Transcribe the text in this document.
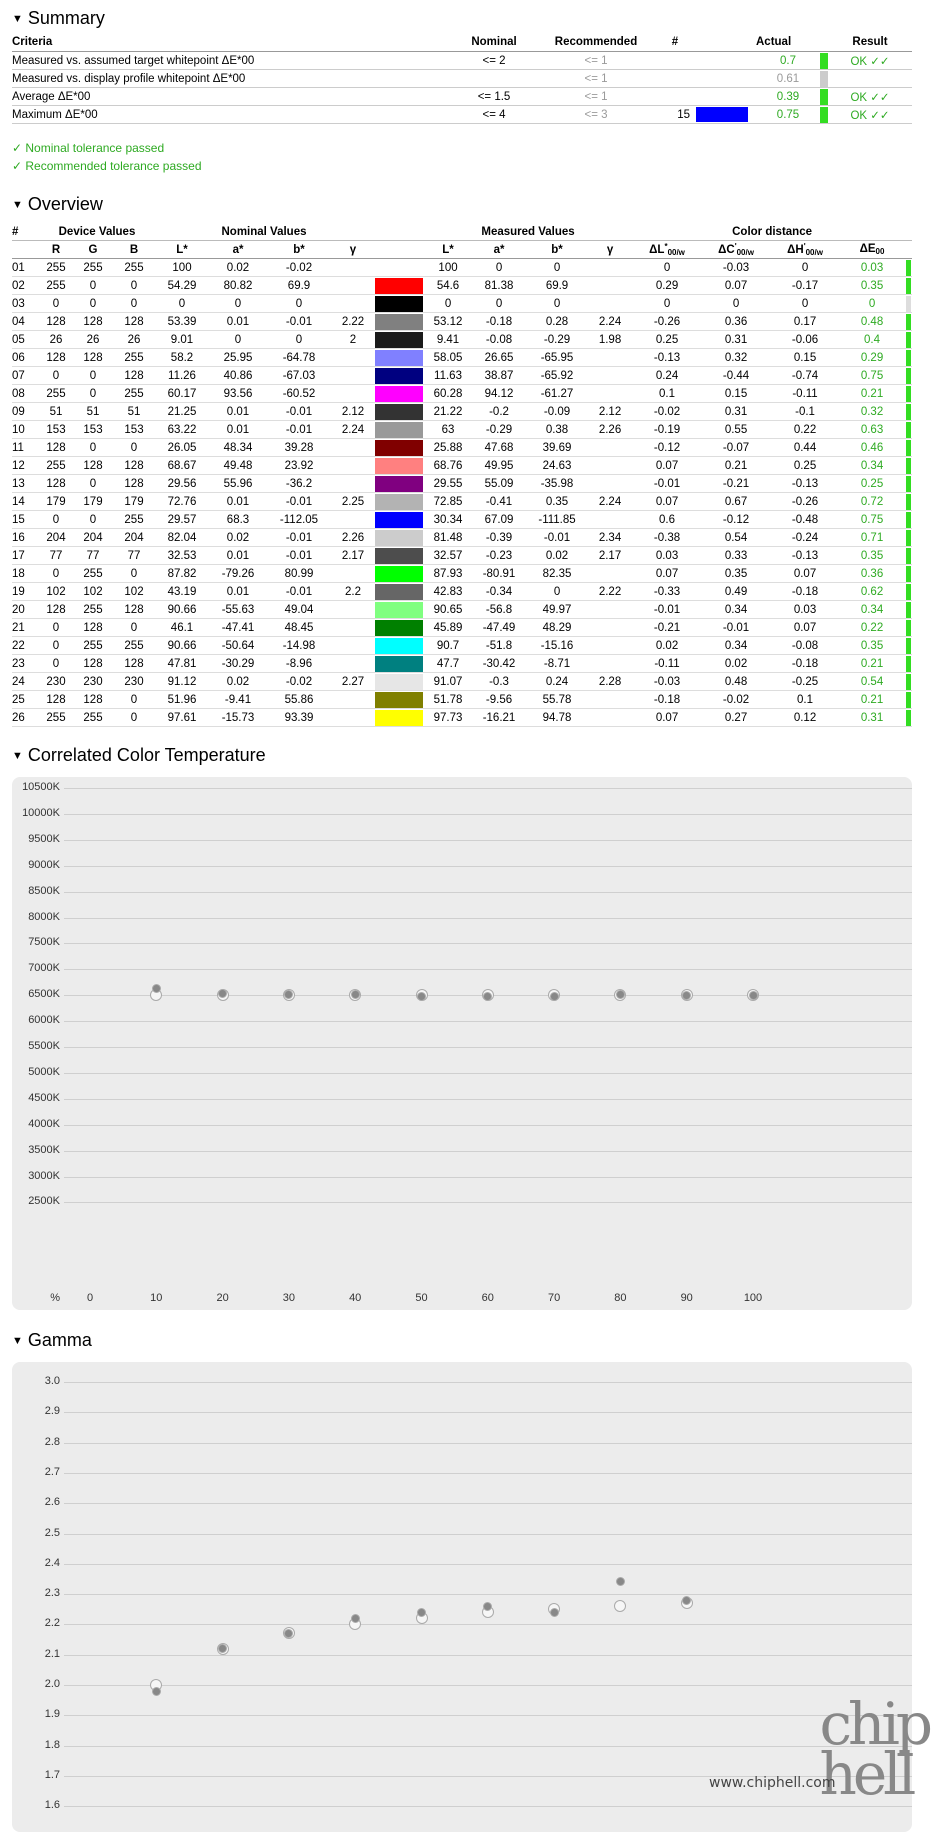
▼ Summary
Criteria	Nominal	Recommended	#			Actual		Result
Measured vs. assumed target whitepoint ΔE*00	<= 2	<= 1				0.7		OK ✓✓
Measured vs. display profile whitepoint ΔE*00		<= 1				0.61		
Average ΔE*00	<= 1.5	<= 1				0.39		OK ✓✓
Maximum ΔE*00	<= 4	<= 3	15			0.75		OK ✓✓
✓ Nominal tolerance passed
✓ Recommended tolerance passed
▼ Overview
#	Device Values			Nominal Values					Measured Values				Color distance				
	R	G	B	L*	a*	b*	γ		L*	a*	b*	γ	$\Delta L^*_{00/w}$	$\Delta C'_{00/w}$	$\Delta H'_{00/w}$	$\Delta E_{00}$	
01	255	255	255	100	0.02	-0.02			100	0	0		0	-0.03	0	0.03	
02	255	0	0	54.29	80.82	69.9			54.6	81.38	69.9		0.29	0.07	-0.17	0.35	
03	0	0	0	0	0	0			0	0	0		0	0	0	0	
04	128	128	128	53.39	0.01	-0.01	2.22		53.12	-0.18	0.28	2.24	-0.26	0.36	0.17	0.48	
05	26	26	26	9.01	0	0	2		9.41	-0.08	-0.29	1.98	0.25	0.31	-0.06	0.4	
06	128	128	255	58.2	25.95	-64.78			58.05	26.65	-65.95		-0.13	0.32	0.15	0.29	
07	0	0	128	11.26	40.86	-67.03			11.63	38.87	-65.92		0.24	-0.44	-0.74	0.75	
08	255	0	255	60.17	93.56	-60.52			60.28	94.12	-61.27		0.1	0.15	-0.11	0.21	
09	51	51	51	21.25	0.01	-0.01	2.12		21.22	-0.2	-0.09	2.12	-0.02	0.31	-0.1	0.32	
10	153	153	153	63.22	0.01	-0.01	2.24		63	-0.29	0.38	2.26	-0.19	0.55	0.22	0.63	
11	128	0	0	26.05	48.34	39.28			25.88	47.68	39.69		-0.12	-0.07	0.44	0.46	
12	255	128	128	68.67	49.48	23.92			68.76	49.95	24.63		0.07	0.21	0.25	0.34	
13	128	0	128	29.56	55.96	-36.2			29.55	55.09	-35.98		-0.01	-0.21	-0.13	0.25	
14	179	179	179	72.76	0.01	-0.01	2.25		72.85	-0.41	0.35	2.24	0.07	0.67	-0.26	0.72	
15	0	0	255	29.57	68.3	-112.05			30.34	67.09	-111.85		0.6	-0.12	-0.48	0.75	
16	204	204	204	82.04	0.02	-0.01	2.26		81.48	-0.39	-0.01	2.34	-0.38	0.54	-0.24	0.71	
17	77	77	77	32.53	0.01	-0.01	2.17		32.57	-0.23	0.02	2.17	0.03	0.33	-0.13	0.35	
18	0	255	0	87.82	-79.26	80.99			87.93	-80.91	82.35		0.07	0.35	0.07	0.36	
19	102	102	102	43.19	0.01	-0.01	2.2		42.83	-0.34	0	2.22	-0.33	0.49	-0.18	0.62	
20	128	255	128	90.66	-55.63	49.04			90.65	-56.8	49.97		-0.01	0.34	0.03	0.34	
21	0	128	0	46.1	-47.41	48.45			45.89	-47.49	48.29		-0.21	-0.01	0.07	0.22	
22	0	255	255	90.66	-50.64	-14.98			90.7	-51.8	-15.16		0.02	0.34	-0.08	0.35	
23	0	128	128	47.81	-30.29	-8.96			47.7	-30.42	-8.71		-0.11	0.02	-0.18	0.21	
24	230	230	230	91.12	0.02	-0.02	2.27		91.07	-0.3	0.24	2.28	-0.03	0.48	-0.25	0.54	
25	128	128	0	51.96	-9.41	55.86			51.78	-9.56	55.78		-0.18	-0.02	0.1	0.21	
26	255	255	0	97.61	-15.73	93.39			97.73	-16.21	94.78		0.07	0.27	0.12	0.31	
▼ Correlated Color Temperature
%
10500K
10000K
9500K
9000K
8500K
8000K
7500K
7000K
6500K
6000K
5500K
5000K
4500K
4000K
3500K
3000K
2500K
0	10	20	30	40	50	60	70	80	90	100
▼ Gamma
3.0
2.9
2.8
2.7
2.6
2.5
2.4
2.3
2.2
2.1
2.0
1.9
1.8
1.7
1.6
chip
hell
www.chiphell.com
